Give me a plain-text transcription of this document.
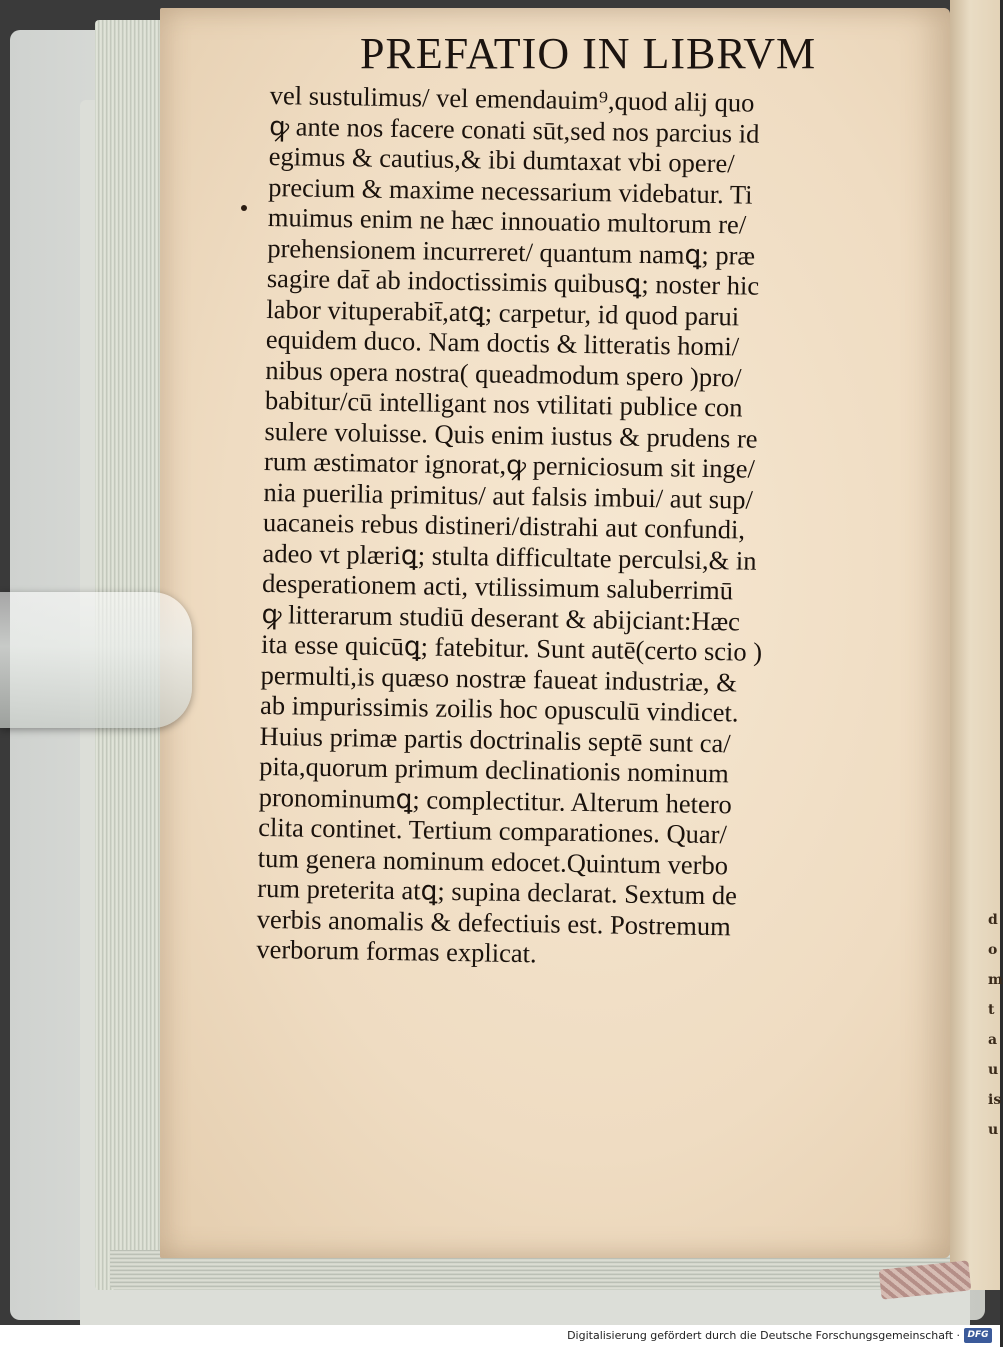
d
o
m
t
a
u
is
u
PREFATIO IN LIBRVM
vel sustulimus/ vel emendauim⁹,quod alij quo
ꝙ ante nos facere conati sūt,sed nos parcius id
egimus & cautius,& ibi dumtaxat vbi opere/
precium & maxime necessarium videbatur. Ti
muimus enim ne hæc innouatio multorum re/
prehensionem incurreret/ quantum namꝗ; præ
sagire dat̄ ab indoctissimis quibusꝗ; noster hic
labor vituperabit̄,atꝗ; carpetur, id quod parui
equidem duco. Nam doctis & litteratis homi/
nibus opera nostra( queadmodum spero )pro/
babitur/cū intelligant nos vtilitati publice con
sulere voluisse. Quis enim iustus & prudens re
rum æstimator ignorat,ꝙ perniciosum sit inge/
nia puerilia primitus/ aut falsis imbui/ aut sup/
uacaneis rebus distineri/distrahi aut confundi,
adeo vt plæriꝗ; stulta difficultate perculsi,& in
desperationem acti, vtilissimum saluberrimū
ꝙ litterarum studiū deserant & abijciant:Hæc
ita esse quicūꝗ; fatebitur. Sunt autē(certo scio )
permulti,is quæso nostræ faueat industriæ, &
ab impurissimis zoilis hoc opusculū vindicet.
Huius primæ partis doctrinalis septē sunt ca/
pita,quorum primum declinationis nominum
pronominumꝗ; complectitur. Alterum hetero
clita continet. Tertium comparationes. Quar/
tum genera nominum edocet.Quintum verbo
rum preterita atꝗ; supina declarat. Sextum de
verbis anomalis & defectiuis est. Postremum
verborum formas explicat.
Digitalisierung gefördert durch die Deutsche Forschungsgemeinschaft · DFG
